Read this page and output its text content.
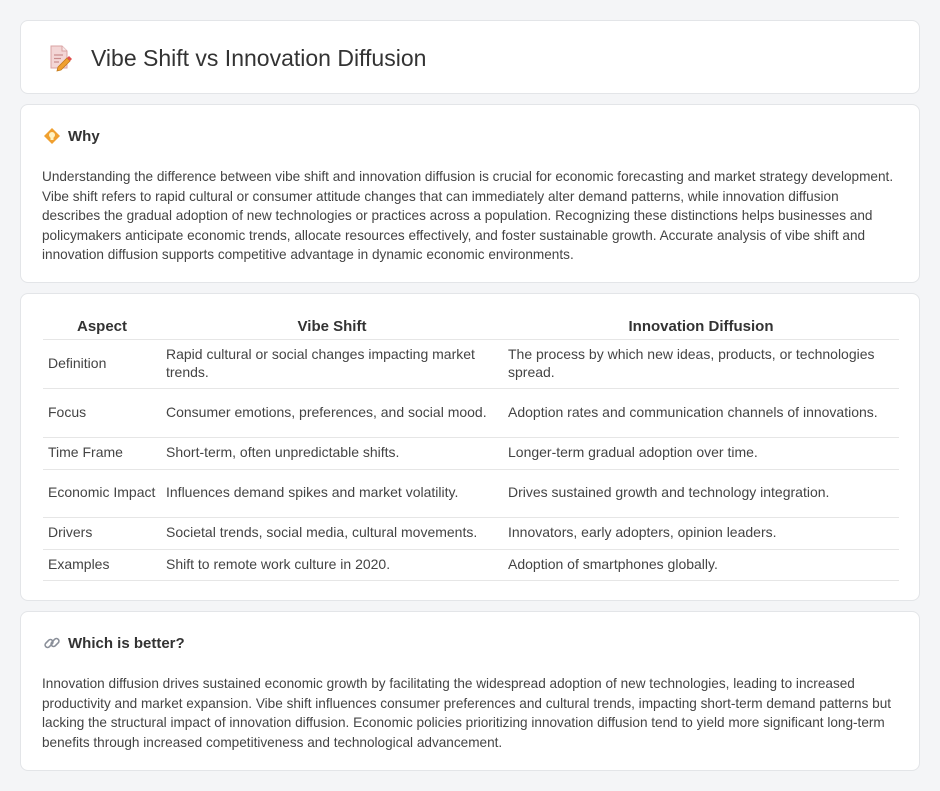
Vibe Shift vs Innovation Diffusion
Why

Understanding the difference between vibe shift and innovation diffusion is crucial for economic forecasting and market strategy development. Vibe shift refers to rapid cultural or consumer attitude changes that can immediately alter demand patterns, while innovation diffusion describes the gradual adoption of new technologies or practices across a population. Recognizing these distinctions helps businesses and policymakers anticipate economic trends, allocate resources effectively, and foster sustainable growth. Accurate analysis of vibe shift and innovation diffusion supports competitive advantage in dynamic economic environments.

Aspect	Vibe Shift	Innovation Diffusion
Definition	Rapid cultural or social changes impacting market trends.	The process by which new ideas, products, or technologies spread.
Focus	Consumer emotions, preferences, and social mood.	Adoption rates and communication channels of innovations.
Time Frame	Short-term, often unpredictable shifts.	Longer-term gradual adoption over time.
Economic Impact	Influences demand spikes and market volatility.	Drives sustained growth and technology integration.
Drivers	Societal trends, social media, cultural movements.	Innovators, early adopters, opinion leaders.
Examples	Shift to remote work culture in 2020.	Adoption of smartphones globally.
Which is better?

Innovation diffusion drives sustained economic growth by facilitating the widespread adoption of new technologies, leading to increased productivity and market expansion. Vibe shift influences consumer preferences and cultural trends, impacting short-term demand patterns but lacking the structural impact of innovation diffusion. Economic policies prioritizing innovation diffusion tend to yield more significant long-term benefits through increased competitiveness and technological advancement.
